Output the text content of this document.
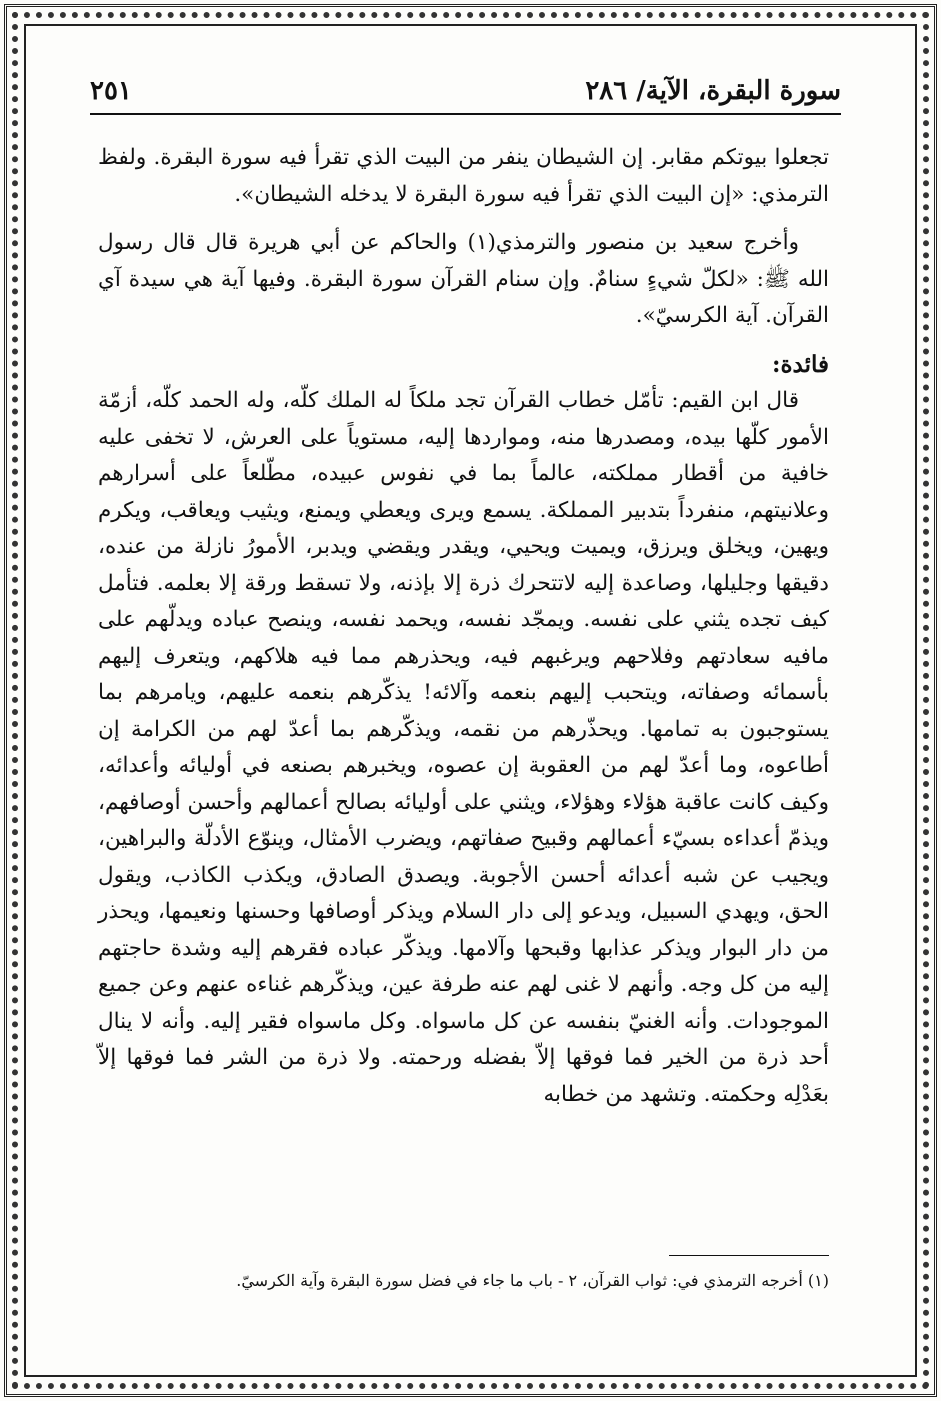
٢٥١	سورة البقرة، الآية/ ٢٨٦

تجعلوا بيوتكم مقابر. إن الشيطان ينفر من البيت الذي تقرأ فيه سورة البقرة. ولفظ الترمذي: «إن البيت الذي تقرأ فيه سورة البقرة لا يدخله الشيطان».

وأخرج سعيد بن منصور والترمذي(١) والحاكم عن أبي هريرة قال قال رسول الله ﷺ: «لكلّ شيءٍ سنامٌ. وإن سنام القرآن سورة البقرة. وفيها آية هي سيدة آي القرآن. آية الكرسيّ».

فائدة:

قال ابن القيم: تأمّل خطاب القرآن تجد ملكاً له الملك كلّه، وله الحمد كلّه، أزمّة الأمور كلّها بيده، ومصدرها منه، ومواردها إليه، مستوياً على العرش، لا تخفى عليه خافية من أقطار مملكته، عالماً بما في نفوس عبيده، مطّلعاً على أسرارهم وعلانيتهم، منفرداً بتدبير المملكة. يسمع ويرى ويعطي ويمنع، ويثيب ويعاقب، ويكرم ويهين، ويخلق ويرزق، ويميت ويحيي، ويقدر ويقضي ويدبر، الأمورُ نازلة من عنده، دقيقها وجليلها، وصاعدة إليه لاتتحرك ذرة إلا بإذنه، ولا تسقط ورقة إلا بعلمه. فتأمل كيف تجده يثني على نفسه. ويمجّد نفسه، ويحمد نفسه، وينصح عباده ويدلّهم على مافيه سعادتهم وفلاحهم ويرغبهم فيه، ويحذرهم مما فيه هلاكهم، ويتعرف إليهم بأسمائه وصفاته، ويتحبب إليهم بنعمه وآلائه! يذكّرهم بنعمه عليهم، ويامرهم بما يستوجبون به تمامها. ويحذّرهم من نقمه، ويذكّرهم بما أعدّ لهم من الكرامة إن أطاعوه، وما أعدّ لهم من العقوبة إن عصوه، ويخبرهم بصنعه في أوليائه وأعدائه، وكيف كانت عاقبة هؤلاء وهؤلاء، ويثني على أوليائه بصالح أعمالهم وأحسن أوصافهم، ويذمّ أعداءه بسيّء أعمالهم وقبيح صفاتهم، ويضرب الأمثال، وينوّع الأدلّة والبراهين، ويجيب عن شبه أعدائه أحسن الأجوبة. ويصدق الصادق، ويكذب الكاذب، ويقول الحق، ويهدي السبيل، ويدعو إلى دار السلام ويذكر أوصافها وحسنها ونعيمها، ويحذر من دار البوار ويذكر عذابها وقبحها وآلامها. ويذكّر عباده فقرهم إليه وشدة حاجتهم إليه من كل وجه. وأنهم لا غنى لهم عنه طرفة عين، ويذكّرهم غناءه عنهم وعن جميع الموجودات. وأنه الغنيّ بنفسه عن كل ماسواه. وكل ماسواه فقير إليه. وأنه لا ينال أحد ذرة من الخير فما فوقها إلاّ بفضله ورحمته. ولا ذرة من الشر فما فوقها إلاّ بعَدْلِه وحكمته. وتشهد من خطابه

(١) أخرجه الترمذي في: ثواب القرآن، ٢ - باب ما جاء في فضل سورة البقرة وآية الكرسيّ.
